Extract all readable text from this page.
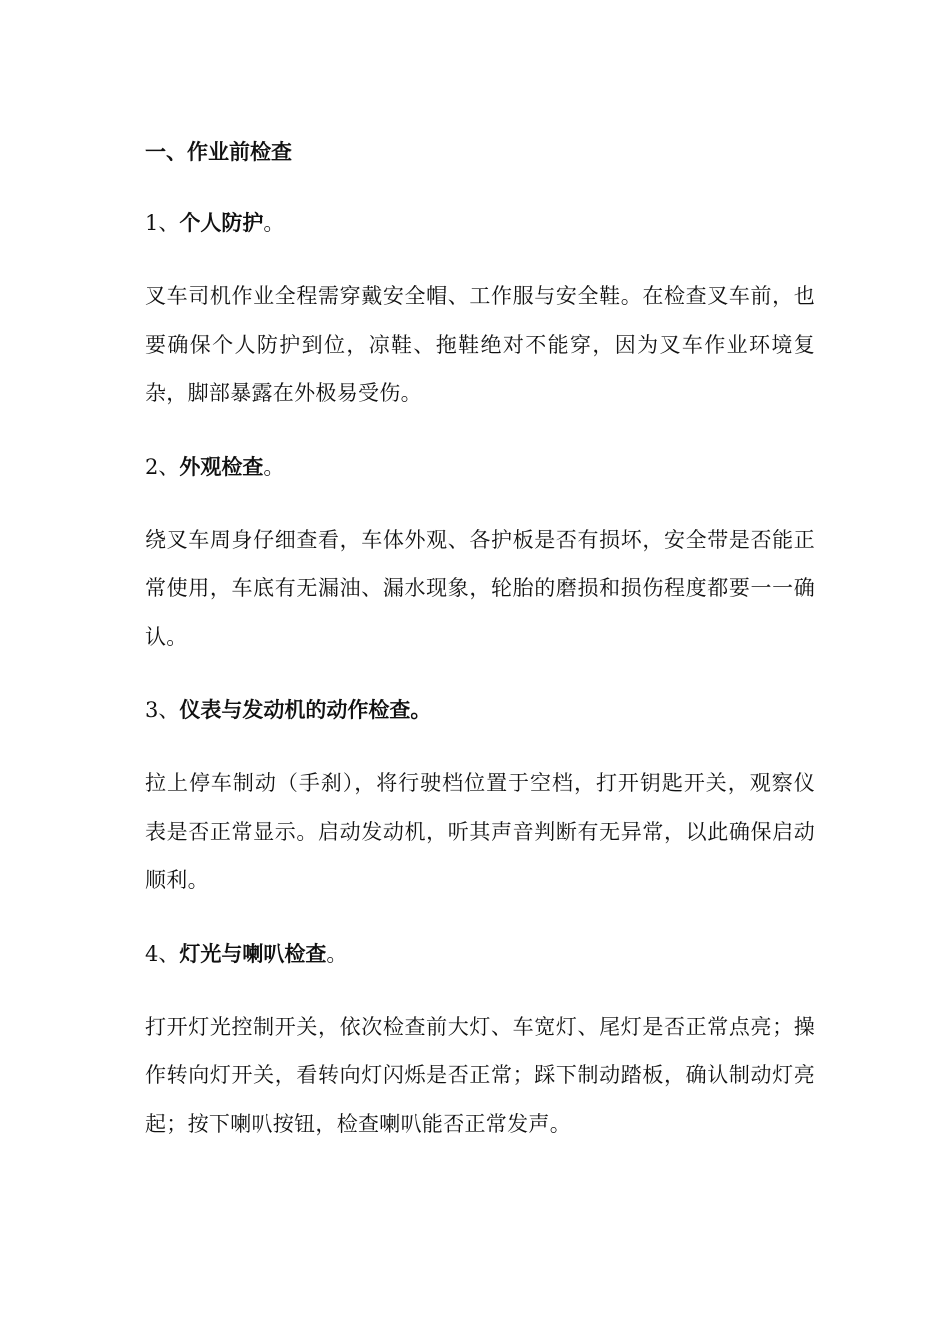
一、作业前检查
1、个人防护。

叉车司机作业全程需穿戴安全帽、工作服与安全鞋。在检查叉车前，也要确保个人防护到位，凉鞋、拖鞋绝对不能穿，因为叉车作业环境复杂，脚部暴露在外极易受伤。

2、外观检查。

绕叉车周身仔细查看，车体外观、各护板是否有损坏，安全带是否能正常使用，车底有无漏油、漏水现象，轮胎的磨损和损伤程度都要一一确认。

3、仪表与发动机的动作检查。

拉上停车制动（手刹），将行驶档位置于空档，打开钥匙开关，观察仪表是否正常显示。启动发动机，听其声音判断有无异常，以此确保启动顺利。

4、灯光与喇叭检查。

打开灯光控制开关，依次检查前大灯、车宽灯、尾灯是否正常点亮；操作转向灯开关，看转向灯闪烁是否正常；踩下制动踏板，确认制动灯亮起；按下喇叭按钮，检查喇叭能否正常发声。
